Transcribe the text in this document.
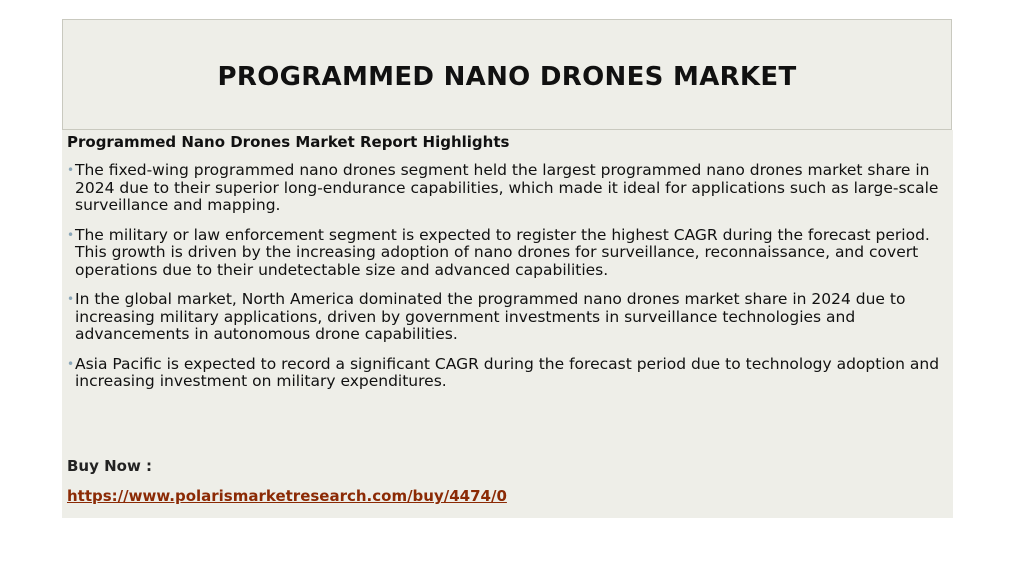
PROGRAMMED NANO DRONES MARKET

Programmed Nano Drones Market Report Highlights

• The fixed-wing programmed nano drones segment held the largest programmed nano drones market share in 2024 due to their superior long-endurance capabilities, which made it ideal for applications such as large-scale surveillance and mapping.
• The military or law enforcement segment is expected to register the highest CAGR during the forecast period. This growth is driven by the increasing adoption of nano drones for surveillance, reconnaissance, and covert operations due to their undetectable size and advanced capabilities.
• In the global market, North America dominated the programmed nano drones market share in 2024 due to increasing military applications, driven by government investments in surveillance technologies and advancements in autonomous drone capabilities.
• Asia Pacific is expected to record a significant CAGR during the forecast period due to technology adoption and increasing investment on military expenditures.

Buy Now :

https://www.polarismarketresearch.com/buy/4474/0
